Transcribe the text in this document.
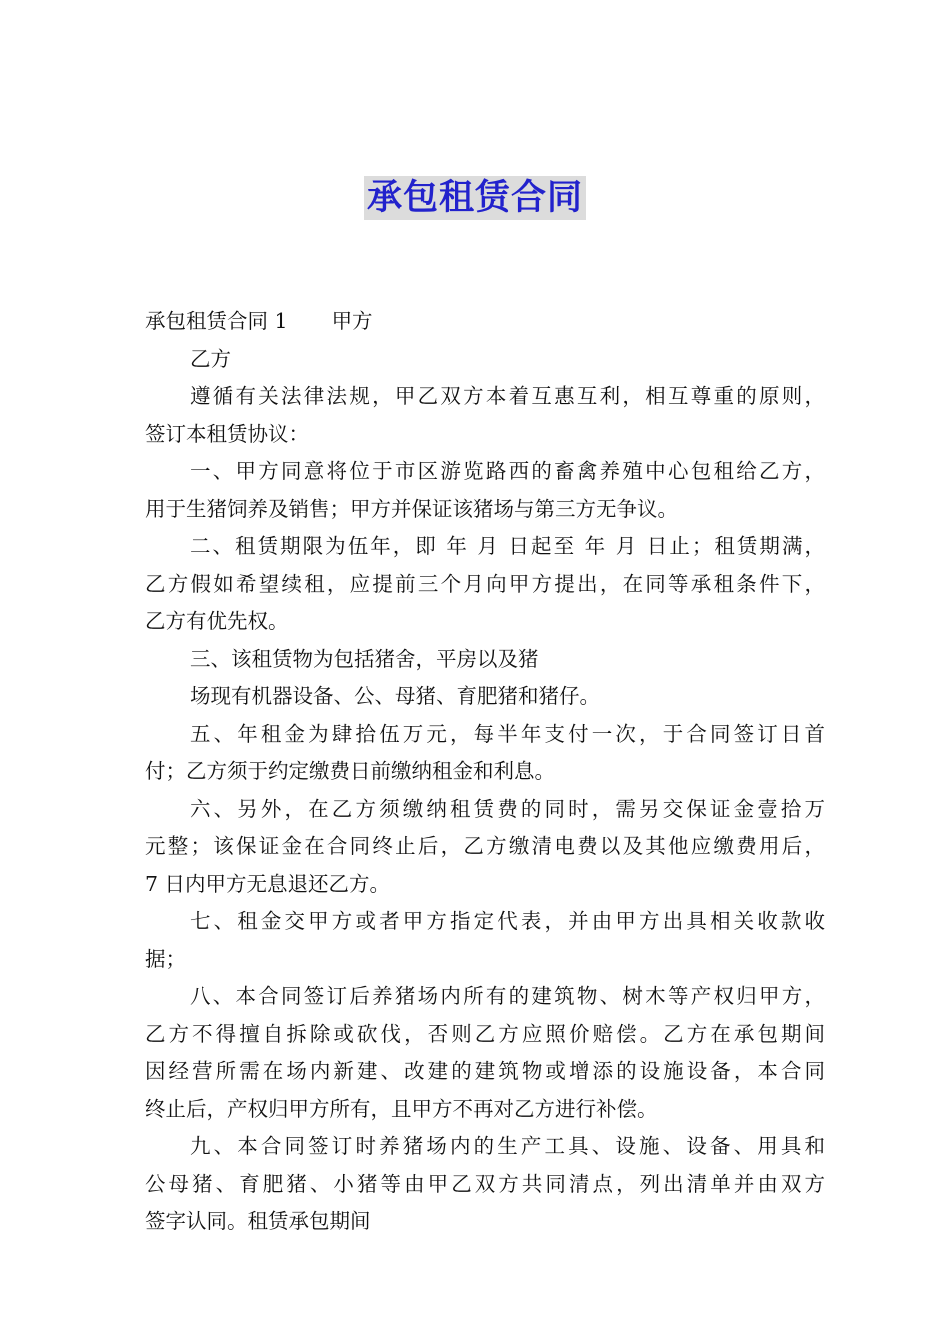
承包租赁合同
承包租赁合同 1 甲方
乙方
遵循有关法律法规，甲乙双方本着互惠互利，相互尊重的原则，
签订本租赁协议：
一、甲方同意将位于市区游览路西的畜禽养殖中心包租给乙方，
用于生猪饲养及销售；甲方并保证该猪场与第三方无争议。
二、租赁期限为伍年，即 年 月 日起至 年 月 日止；租赁期满，
乙方假如希望续租，应提前三个月向甲方提出，在同等承租条件下，
乙方有优先权。
三、该租赁物为包括猪舍，平房以及猪
场现有机器设备、公、母猪、育肥猪和猪仔。
五、年租金为肆拾伍万元，每半年支付一次，于合同签订日首
付；乙方须于约定缴费日前缴纳租金和利息。
六、另外，在乙方须缴纳租赁费的同时，需另交保证金壹拾万
元整；该保证金在合同终止后，乙方缴清电费以及其他应缴费用后，
7 日内甲方无息退还乙方。
七、租金交甲方或者甲方指定代表，并由甲方出具相关收款收
据；
八、本合同签订后养猪场内所有的建筑物、树木等产权归甲方，
乙方不得擅自拆除或砍伐，否则乙方应照价赔偿。乙方在承包期间
因经营所需在场内新建、改建的建筑物或增添的设施设备，本合同
终止后，产权归甲方所有，且甲方不再对乙方进行补偿。
九、本合同签订时养猪场内的生产工具、设施、设备、用具和
公母猪、育肥猪、小猪等由甲乙双方共同清点，列出清单并由双方
签字认同。租赁承包期间
